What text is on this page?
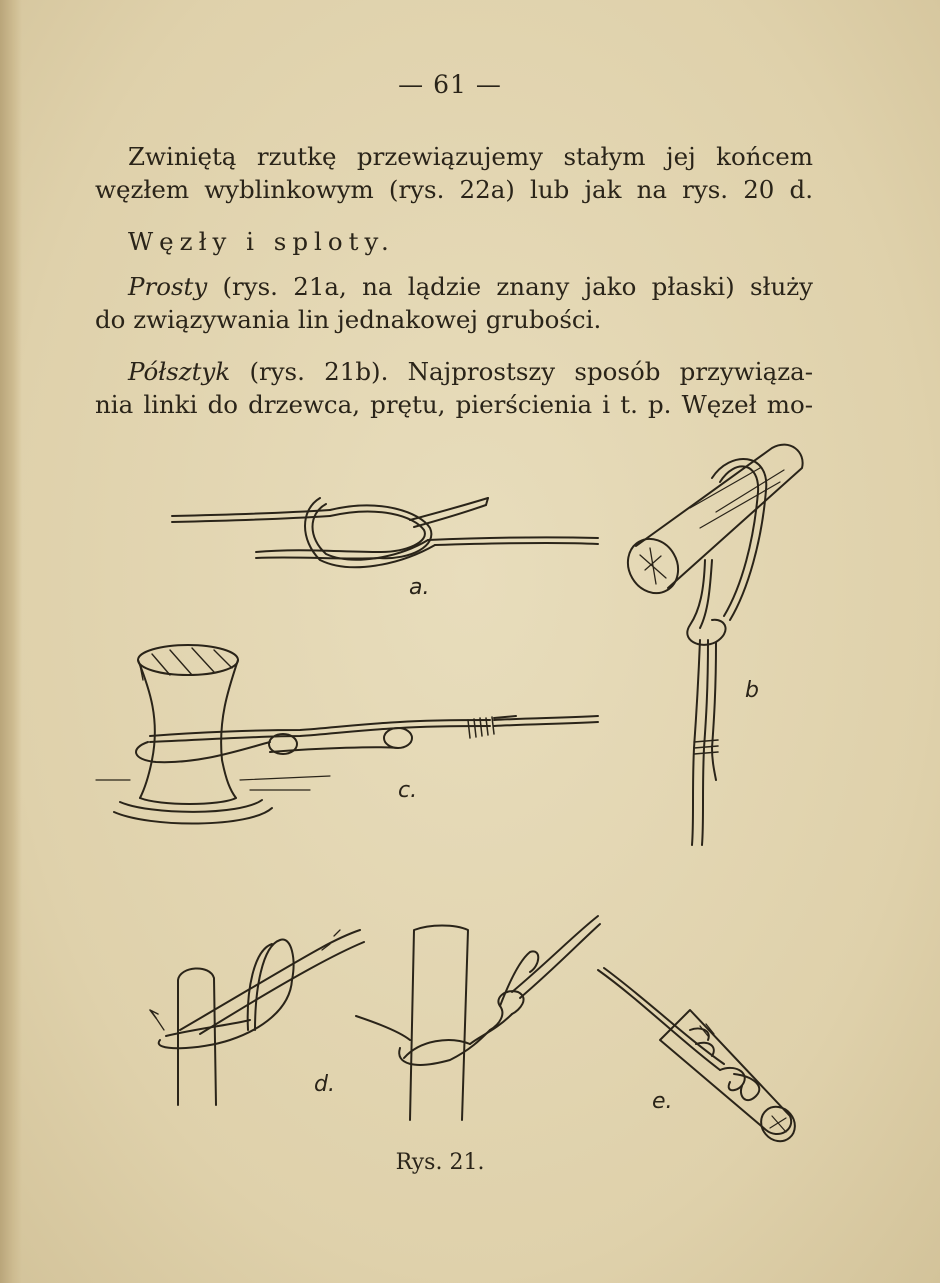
— 61 —
Zwiniętą rzutkę przewiązujemy stałym jej końcem
węzłem wyblinkowym (rys. 22a) lub jak na rys. 20 d.
Węzły i sploty.
Prosty (rys. 21a, na lądzie znany jako płaski) służy
do związywania lin jednakowej grubości.
Półsztyk (rys. 21b). Najprostszy sposób przywiąza-
nia linki do drzewca, prętu, pierścienia i t. p. Węzeł mo-
a.
b
c.
d.
e.
Rys. 21.
